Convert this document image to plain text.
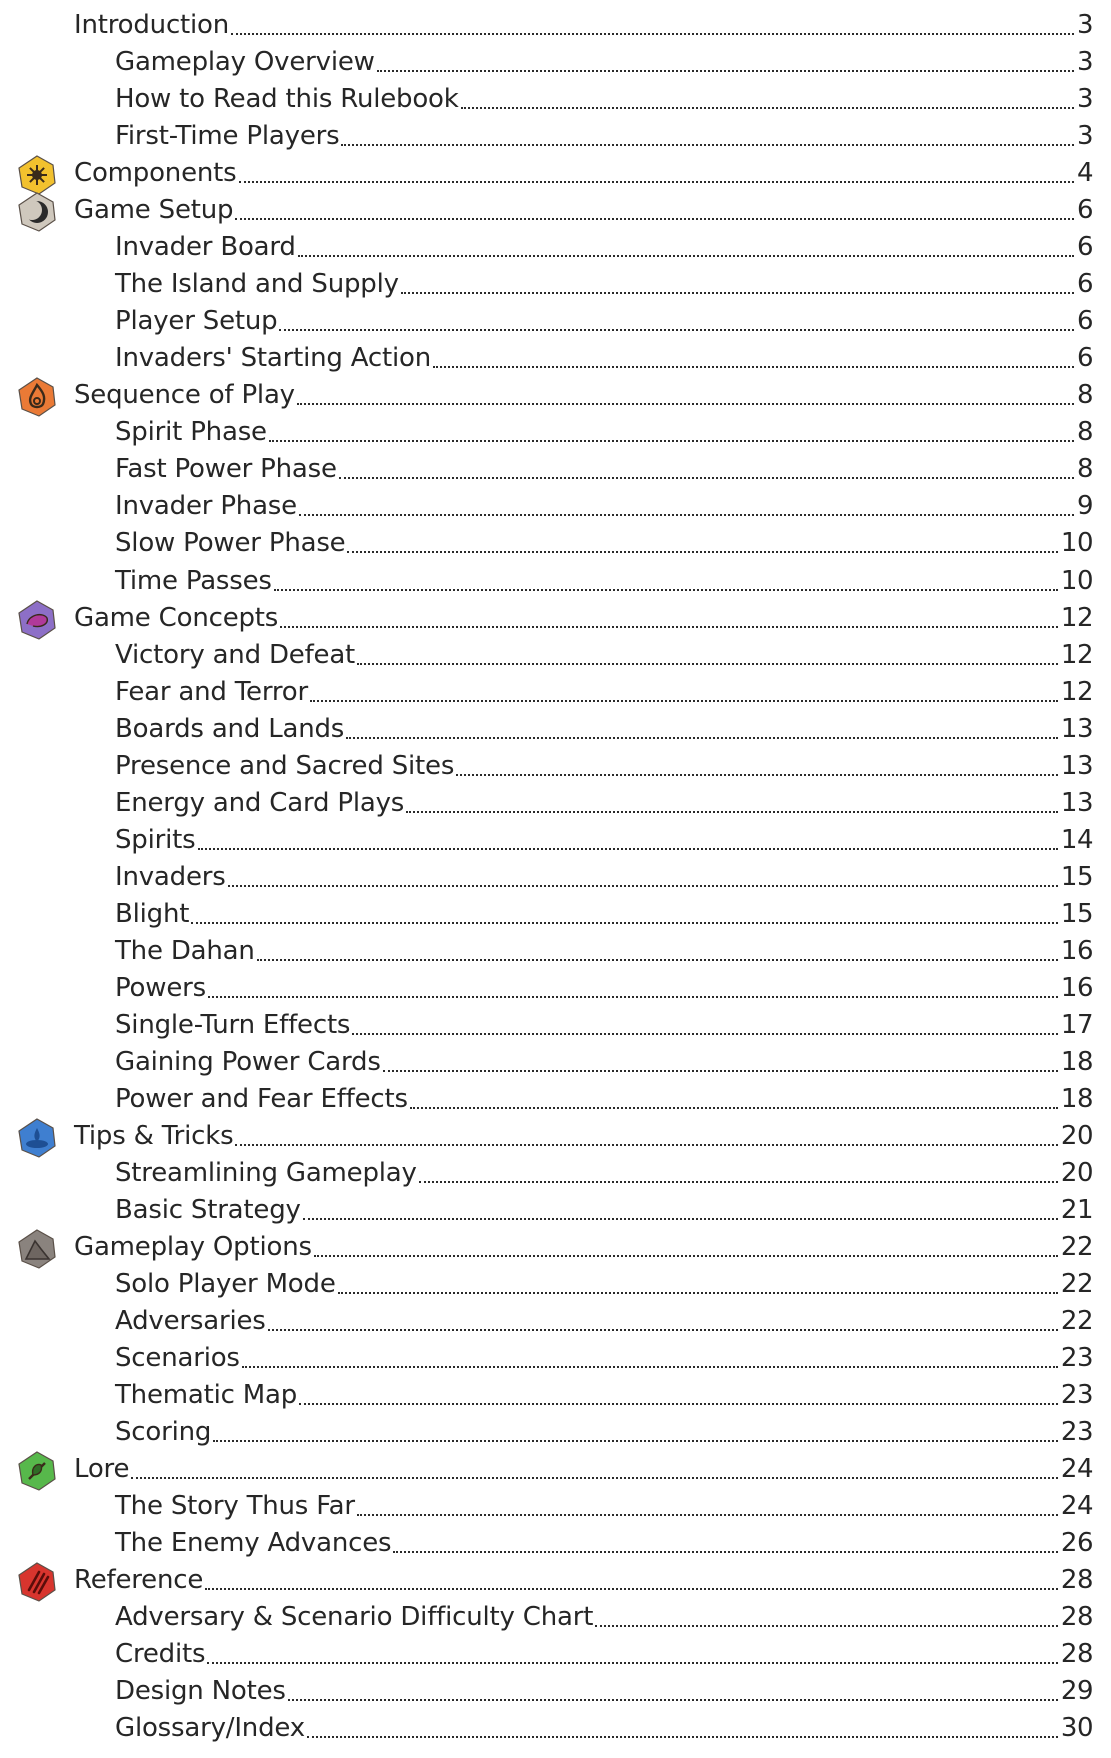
Introduction	3
Gameplay Overview	3
How to Read this Rulebook	3
First-Time Players	3
Components	4
Game Setup	6
Invader Board	6
The Island and Supply	6
Player Setup	6
Invaders' Starting Action	6
Sequence of Play	8
Spirit Phase	8
Fast Power Phase	8
Invader Phase	9
Slow Power Phase	10
Time Passes	10
Game Concepts	12
Victory and Defeat	12
Fear and Terror	12
Boards and Lands	13
Presence and Sacred Sites	13
Energy and Card Plays	13
Spirits	14
Invaders	15
Blight	15
The Dahan	16
Powers	16
Single-Turn Effects	17
Gaining Power Cards	18
Power and Fear Effects	18
Tips & Tricks	20
Streamlining Gameplay	20
Basic Strategy	21
Gameplay Options	22
Solo Player Mode	22
Adversaries	22
Scenarios	23
Thematic Map	23
Scoring	23
Lore	24
The Story Thus Far	24
The Enemy Advances	26
Reference	28
Adversary & Scenario Difficulty Chart	28
Credits	28
Design Notes	29
Glossary/Index	30
